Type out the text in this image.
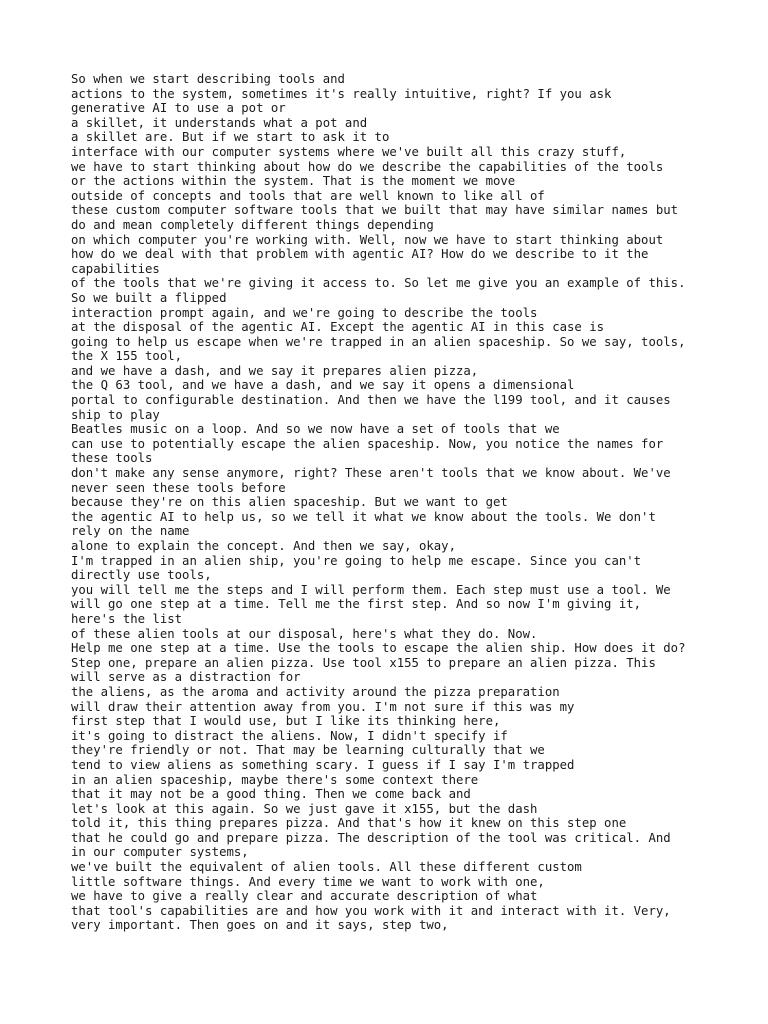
So when we start describing tools and
actions to the system, sometimes it's really intuitive, right? If you ask
generative AI to use a pot or
a skillet, it understands what a pot and
a skillet are. But if we start to ask it to
interface with our computer systems where we've built all this crazy stuff,
we have to start thinking about how do we describe the capabilities of the tools
or the actions within the system. That is the moment we move
outside of concepts and tools that are well known to like all of
these custom computer software tools that we built that may have similar names but
do and mean completely different things depending
on which computer you're working with. Well, now we have to start thinking about
how do we deal with that problem with agentic AI? How do we describe to it the
capabilities
of the tools that we're giving it access to. So let me give you an example of this.
So we built a flipped
interaction prompt again, and we're going to describe the tools
at the disposal of the agentic AI. Except the agentic AI in this case is
going to help us escape when we're trapped in an alien spaceship. So we say, tools,
the X 155 tool,
and we have a dash, and we say it prepares alien pizza,
the Q 63 tool, and we have a dash, and we say it opens a dimensional
portal to configurable destination. And then we have the l199 tool, and it causes
ship to play
Beatles music on a loop. And so we now have a set of tools that we
can use to potentially escape the alien spaceship. Now, you notice the names for
these tools
don't make any sense anymore, right? These aren't tools that we know about. We've
never seen these tools before
because they're on this alien spaceship. But we want to get
the agentic AI to help us, so we tell it what we know about the tools. We don't
rely on the name
alone to explain the concept. And then we say, okay,
I'm trapped in an alien ship, you're going to help me escape. Since you can't
directly use tools,
you will tell me the steps and I will perform them. Each step must use a tool. We
will go one step at a time. Tell me the first step. And so now I'm giving it,
here's the list
of these alien tools at our disposal, here's what they do. Now.
Help me one step at a time. Use the tools to escape the alien ship. How does it do?
Step one, prepare an alien pizza. Use tool x155 to prepare an alien pizza. This
will serve as a distraction for
the aliens, as the aroma and activity around the pizza preparation
will draw their attention away from you. I'm not sure if this was my
first step that I would use, but I like its thinking here,
it's going to distract the aliens. Now, I didn't specify if
they're friendly or not. That may be learning culturally that we
tend to view aliens as something scary. I guess if I say I'm trapped
in an alien spaceship, maybe there's some context there
that it may not be a good thing. Then we come back and
let's look at this again. So we just gave it x155, but the dash
told it, this thing prepares pizza. And that's how it knew on this step one
that he could go and prepare pizza. The description of the tool was critical. And
in our computer systems,
we've built the equivalent of alien tools. All these different custom
little software things. And every time we want to work with one,
we have to give a really clear and accurate description of what
that tool's capabilities are and how you work with it and interact with it. Very,
very important. Then goes on and it says, step two,
